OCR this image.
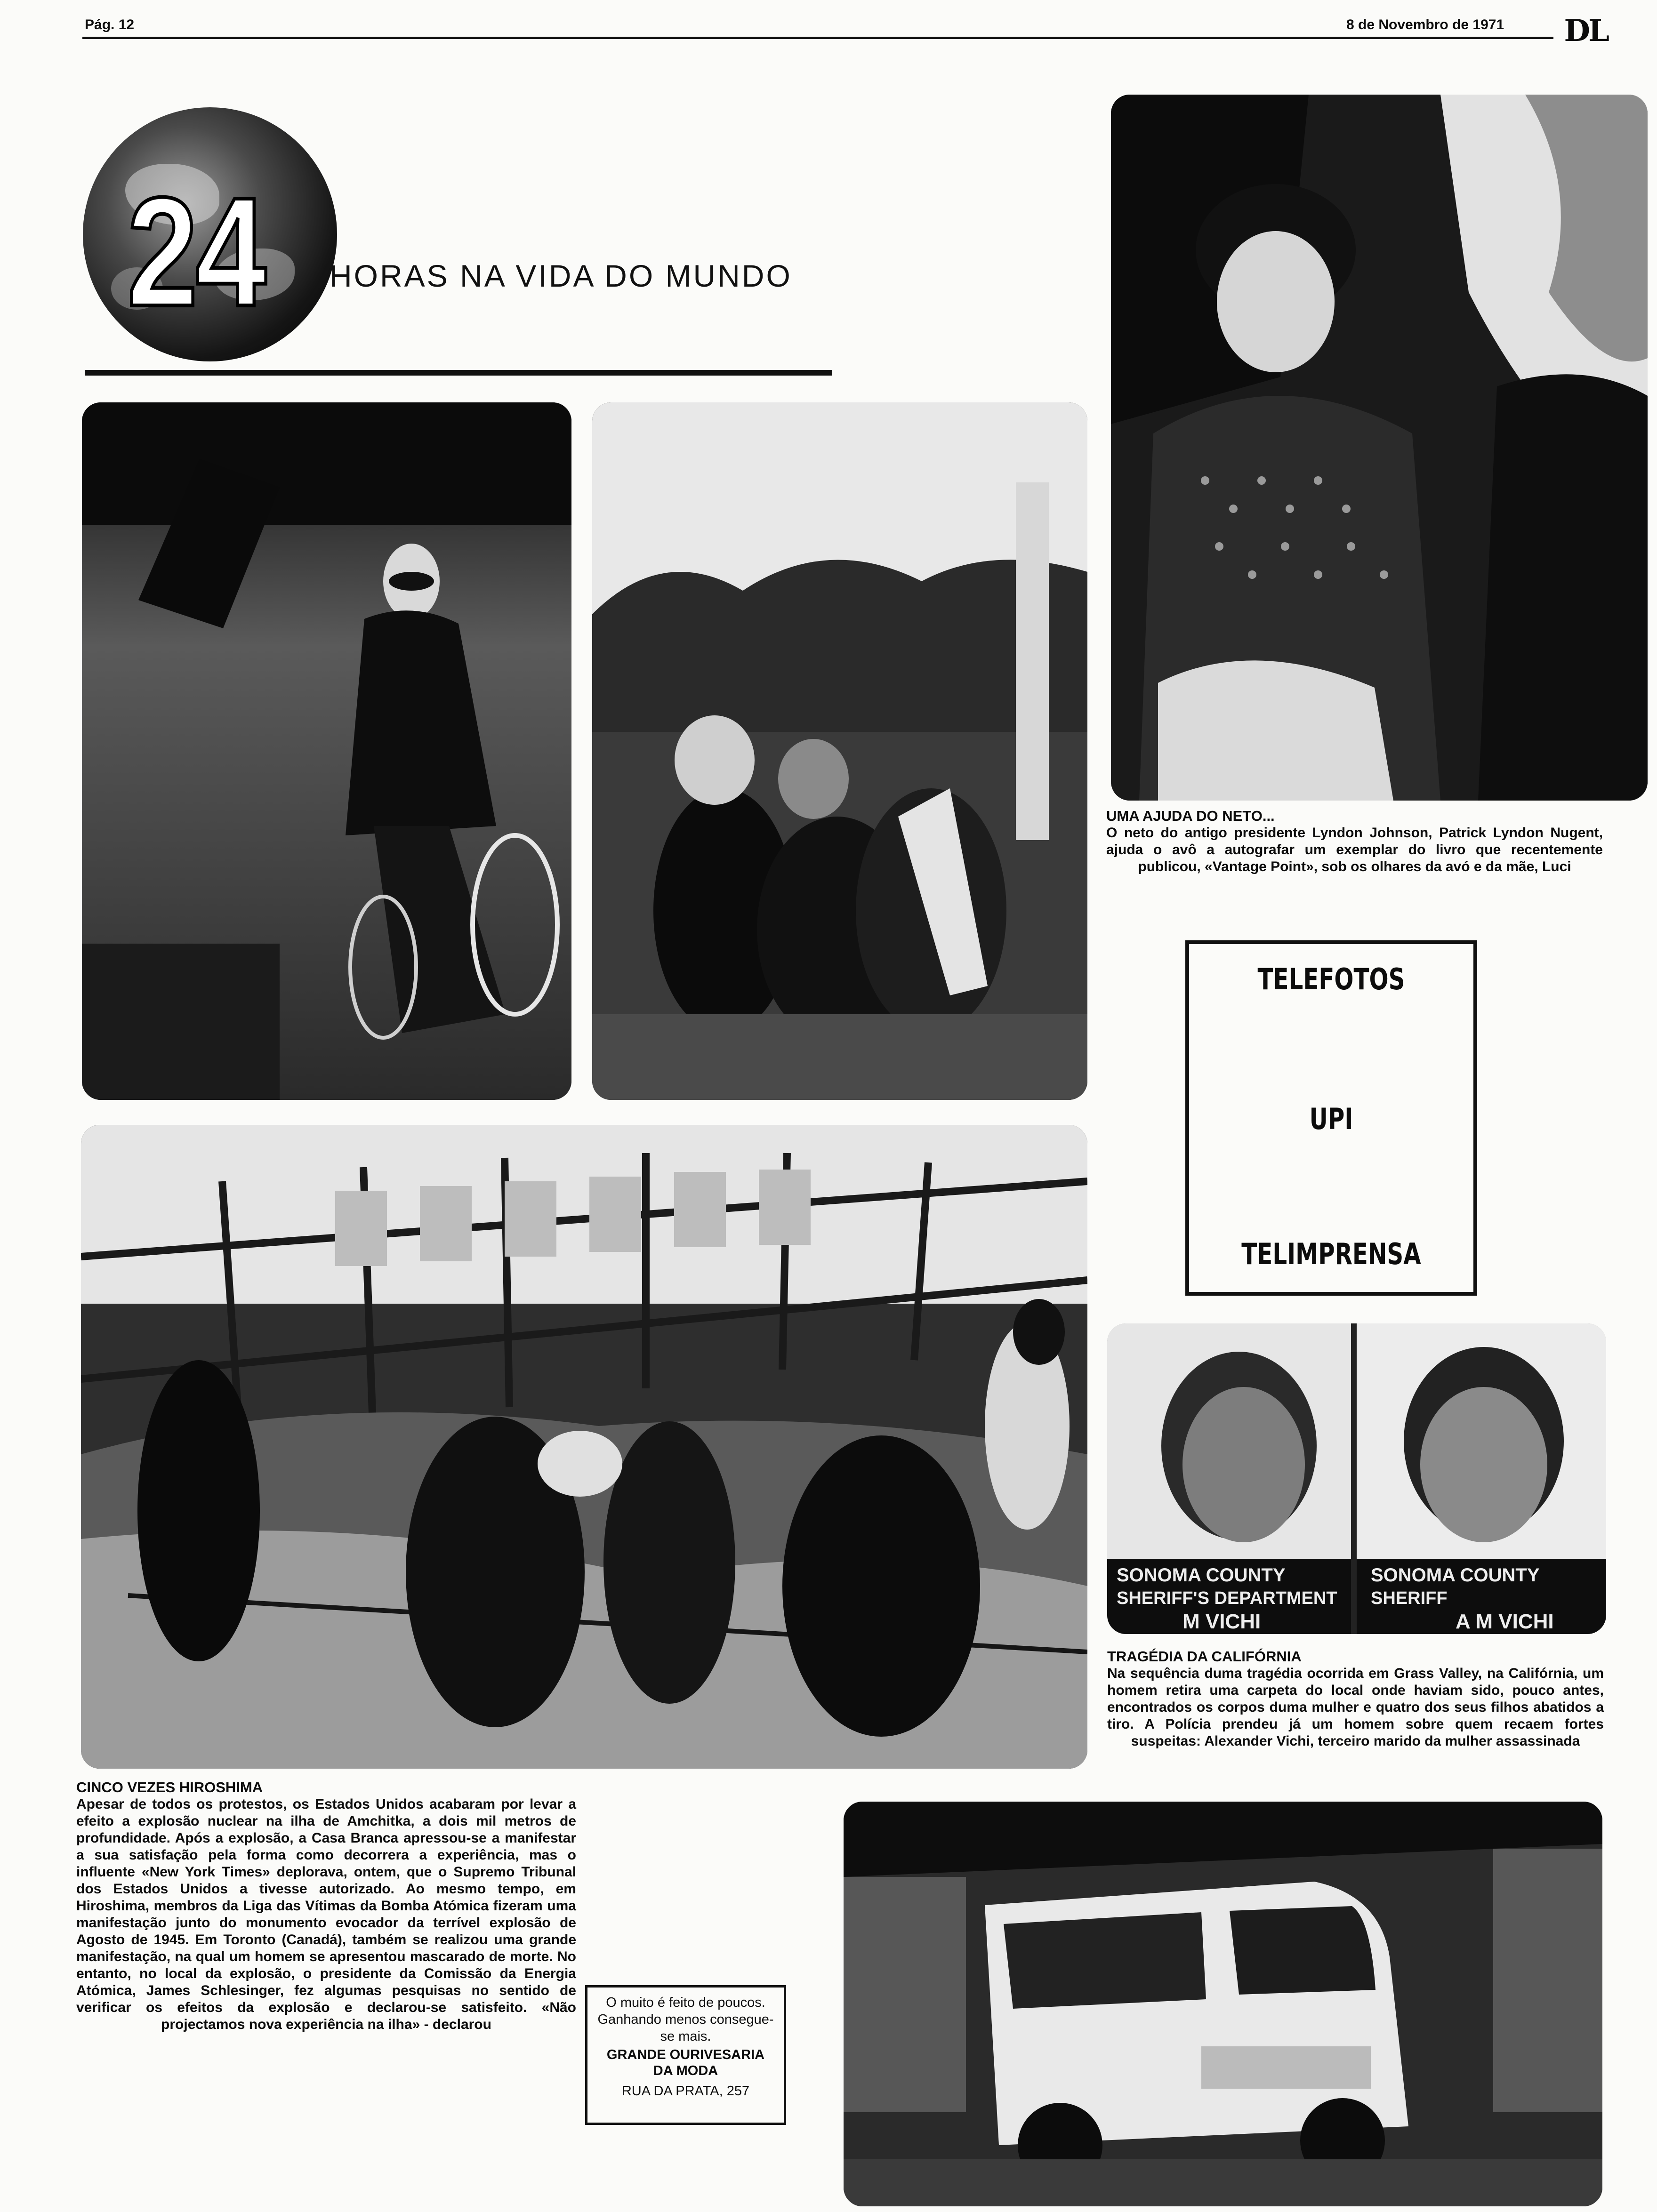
Pág. 12	8 de Novembro de 1971 DL
24 HORAS NA VIDA DO MUNDO
UMA AJUDA DO NETO...
O neto do antigo presidente Lyndon Johnson, Patrick Lyndon Nugent, ajuda o avô a autografar um exemplar do livro que recentemente publicou, «Vantage Point», sob os olhares da avó e da mãe, Luci
TELEFOTOS
UPI
TELIMPRENSA
SONOMA COUNTY
SHERIFF'S DEPARTMENT
M VICHI
SONOMA COUNTY
SHERIFF
A M VICHI
TRAGÉDIA DA CALIFÓRNIA
Na sequência duma tragédia ocorrida em Grass Valley, na Califórnia, um homem retira uma carpeta do local onde haviam sido, pouco antes, encontrados os corpos duma mulher e quatro dos seus filhos abatidos a tiro. A Polícia prendeu já um homem sobre quem recaem fortes suspeitas: Alexander Vichi, terceiro marido da mulher assassinada
CINCO VEZES HIROSHIMA
Apesar de todos os protestos, os Estados Unidos acabaram por levar a efeito a explosão nuclear na ilha de Amchitka, a dois mil metros de profundidade. Após a explosão, a Casa Branca apressou-se a manifestar a sua satisfação pela forma como decorrera a experiência, mas o influente «New York Times» deplorava, ontem, que o Supremo Tribunal dos Estados Unidos a tivesse autorizado. Ao mesmo tempo, em Hiroshima, membros da Liga das Vítimas da Bomba Atómica fizeram uma manifestação junto do monumento evocador da terrível explosão de Agosto de 1945. Em Toronto (Canadá), também se realizou uma grande manifestação, na qual um homem se apresentou mascarado de morte. No entanto, no local da explosão, o presidente da Comissão da Energia Atómica, James Schlesinger, fez algumas pesquisas no sentido de verificar os efeitos da explosão e declarou-se satisfeito. «Não projectamos nova experiência na ilha» - declarou
O muito é feito de poucos. Ganhando menos consegue-se mais.
GRANDE OURIVESARIA DA MODA
RUA DA PRATA, 257
